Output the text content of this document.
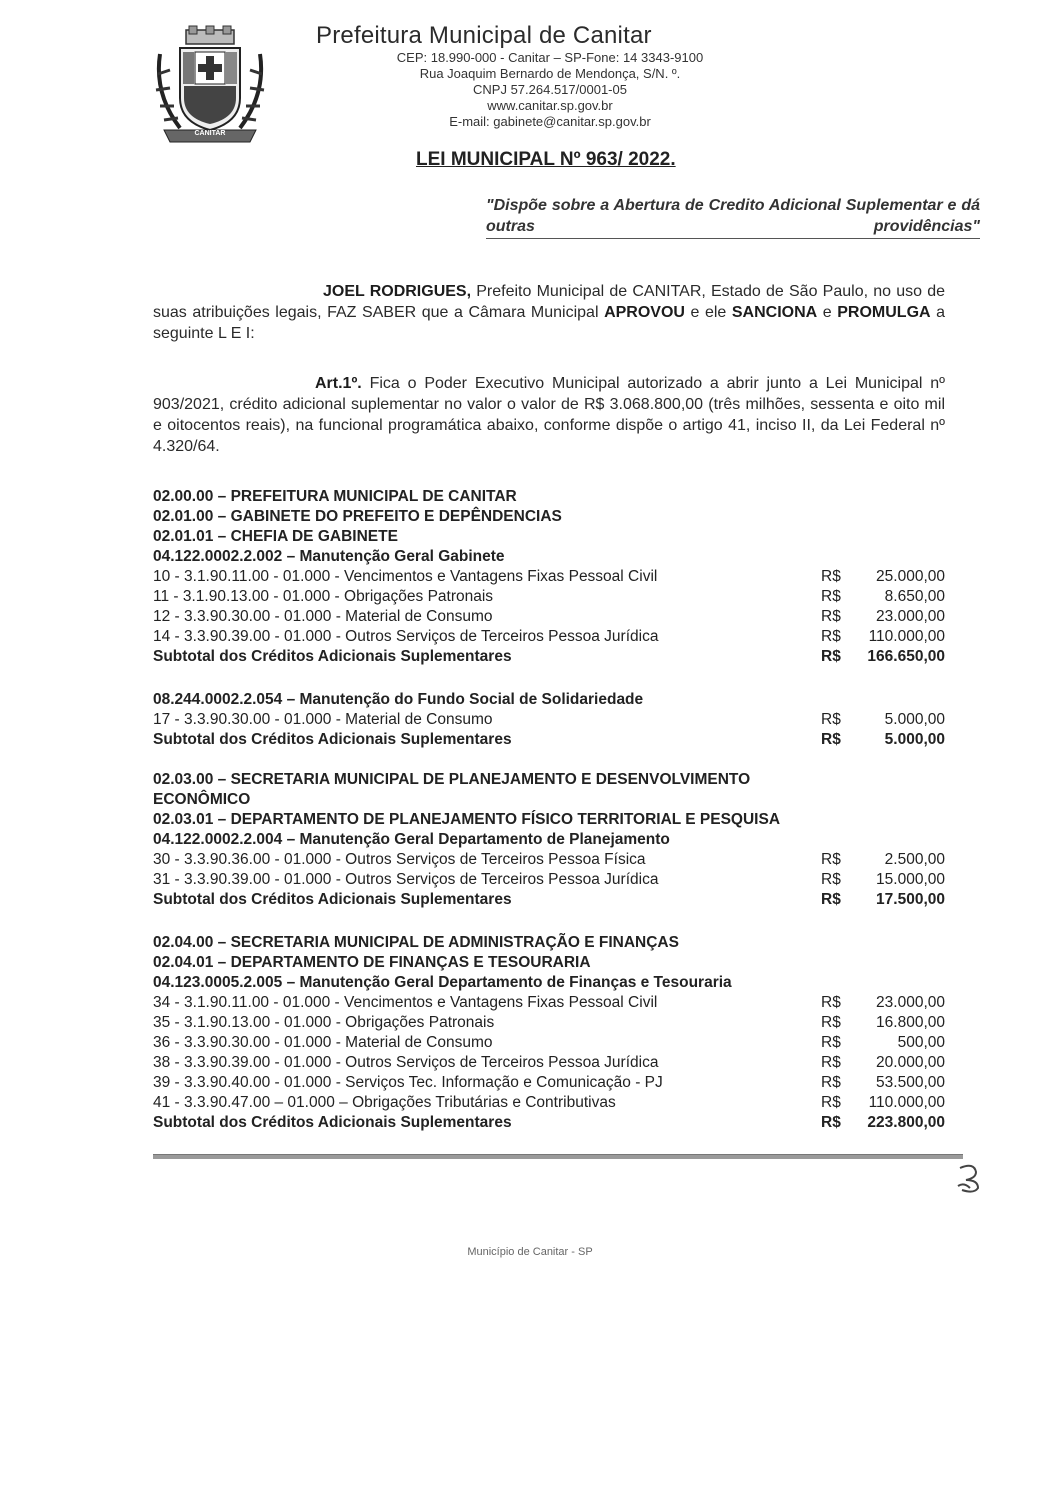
CANITAR
Prefeitura Municipal de Canitar
CEP: 18.990-000 - Canitar – SP-Fone: 14 3343-9100
Rua Joaquim Bernardo de Mendonça, S/N. º.
CNPJ 57.264.517/0001-05
www.canitar.sp.gov.br
E-mail: gabinete@canitar.sp.gov.br
LEI MUNICIPAL Nº 963/ 2022.
"Dispõe sobre a Abertura de Credito Adicional Suplementar e dá outras providências"
JOEL RODRIGUES, Prefeito Municipal de CANITAR, Estado de São Paulo, no uso de suas atribuições legais, FAZ SABER que a Câmara Municipal APROVOU e ele SANCIONA e PROMULGA a seguinte L E I:
Art.1º. Fica o Poder Executivo Municipal autorizado a abrir junto a Lei Municipal nº 903/2021, crédito adicional suplementar no valor o valor de R$ 3.068.800,00 (três milhões, sessenta e oito mil e oitocentos reais), na funcional programática abaixo, conforme dispõe o artigo 41, inciso II, da Lei Federal nº 4.320/64.
02.00.00 – PREFEITURA MUNICIPAL DE CANITAR
02.01.00 – GABINETE DO PREFEITO E DEPÊNDENCIAS
02.01.01 – CHEFIA DE GABINETE
04.122.0002.2.002 – Manutenção Geral Gabinete
10 - 3.1.90.11.00 - 01.000 - Vencimentos e Vantagens Fixas Pessoal Civil	R$ 25.000,00
11 - 3.1.90.13.00 - 01.000 - Obrigações Patronais	R$	8.650,00
12 - 3.3.90.30.00 - 01.000 - Material de Consumo	R$ 23.000,00
14 - 3.3.90.39.00 - 01.000 - Outros Serviços de Terceiros Pessoa Jurídica	R$ 110.000,00
Subtotal dos Créditos Adicionais Suplementares	R$ 166.650,00
08.244.0002.2.054 – Manutenção do Fundo Social de Solidariedade
17 - 3.3.90.30.00 - 01.000 - Material de Consumo	R$	5.000,00
Subtotal dos Créditos Adicionais Suplementares	R$	5.000,00
02.03.00 – SECRETARIA MUNICIPAL DE PLANEJAMENTO E DESENVOLVIMENTO
ECONÔMICO
02.03.01 – DEPARTAMENTO DE PLANEJAMENTO FÍSICO TERRITORIAL E PESQUISA
04.122.0002.2.004 – Manutenção Geral Departamento de Planejamento
30 - 3.3.90.36.00 - 01.000 - Outros Serviços de Terceiros Pessoa Física	R$	2.500,00
31 - 3.3.90.39.00 - 01.000 - Outros Serviços de Terceiros Pessoa Jurídica	R$ 15.000,00
Subtotal dos Créditos Adicionais Suplementares	R$ 17.500,00
02.04.00 – SECRETARIA MUNICIPAL DE ADMINISTRAÇÃO E FINANÇAS
02.04.01 – DEPARTAMENTO DE FINANÇAS E TESOURARIA
04.123.0005.2.005 – Manutenção Geral Departamento de Finanças e Tesouraria
34 - 3.1.90.11.00 - 01.000 - Vencimentos e Vantagens Fixas Pessoal Civil	R$ 23.000,00
35 - 3.1.90.13.00 - 01.000 - Obrigações Patronais	R$ 16.800,00
36 - 3.3.90.30.00 - 01.000 - Material de Consumo	R$	500,00
38 - 3.3.90.39.00 - 01.000 - Outros Serviços de Terceiros Pessoa Jurídica	R$ 20.000,00
39 - 3.3.90.40.00 - 01.000 - Serviços Tec. Informação e Comunicação - PJ	R$ 53.500,00
41 - 3.3.90.47.00 – 01.000 – Obrigações Tributárias e Contributivas	R$ 110.000,00
Subtotal dos Créditos Adicionais Suplementares	R$ 223.800,00
Município de Canitar - SP
